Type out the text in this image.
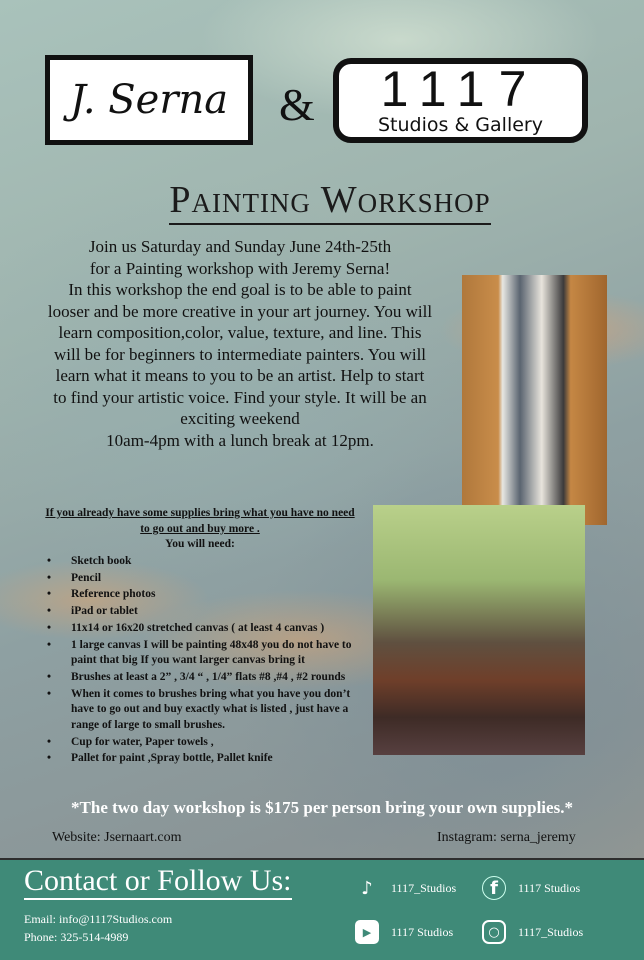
J. Serna &	1117
Studios & Gallery
Painting Workshop
Join us Saturday and Sunday June 24th-25th
for a Painting workshop with Jeremy Serna!
In this workshop the end goal is to be able to paint
looser and be more creative in your art journey. You will
learn composition,color, value, texture, and line. This
will be for beginners to intermediate painters. You will
learn what it means to you to be an artist. Help to start
to find your artistic voice. Find your style. It will be an
exciting weekend
10am-4pm with a lunch break at 12pm.
If you already have some supplies bring what you have no need to go out and buy more .
You will need:
• Sketch book
• Pencil
• Reference photos
• iPad or tablet
• 11x14 or 16x20 stretched canvas ( at least 4 canvas )
• 1 large canvas I will be painting 48x48 you do not have to paint that big If you want larger canvas bring it
• Brushes at least a 2” , 3/4 “ , 1/4” flats #8 ,#4 , #2 rounds
• When it comes to brushes bring what you have you don’t have to go out and buy exactly what is listed , just have a range of large to small brushes.
• Cup for water, Paper towels ,
• Pallet for paint ,Spray bottle, Pallet knife
*The two day workshop is $175 per person bring your own supplies.*
Website: Jsernaart.com	Instagram: serna_jeremy
Contact or Follow Us:
Email: info@1117Studios.com
Phone: 325-514-4989
♪	1117_Studios	f	1117 Studios
▶	1117 Studios	○	1117_Studios
